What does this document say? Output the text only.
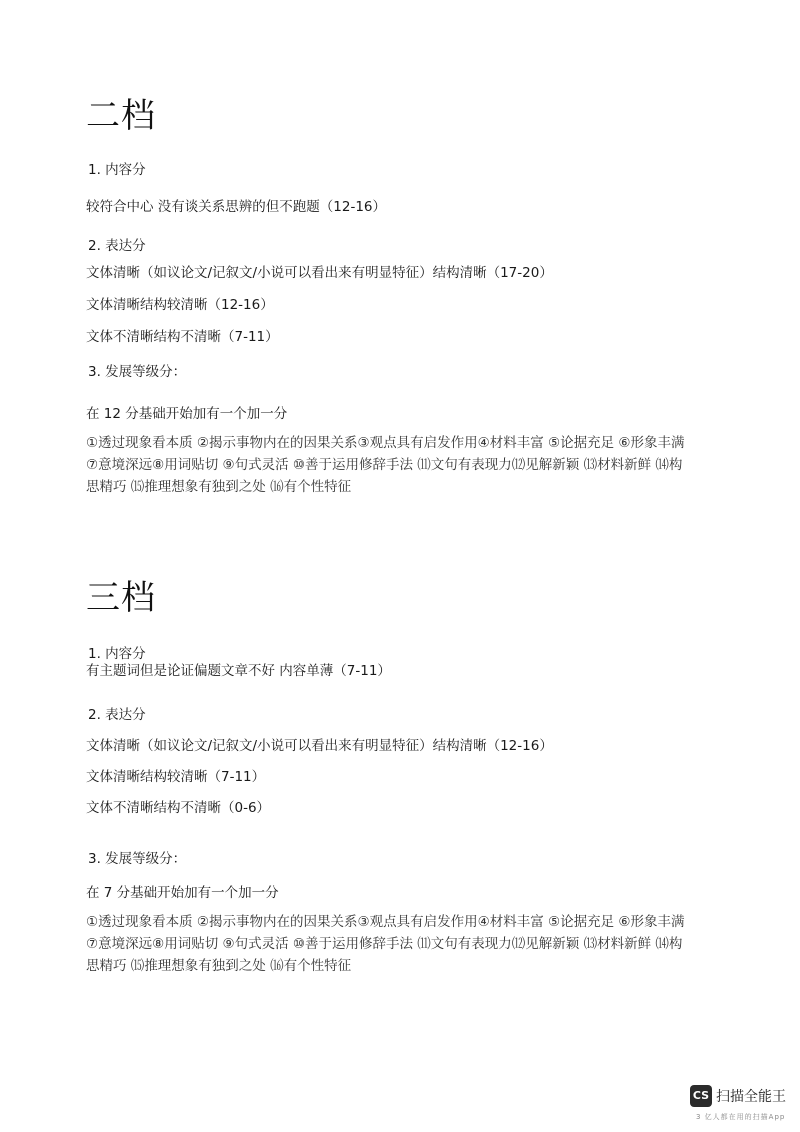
二档
1. 内容分
较符合中心 没有谈关系思辨的但不跑题（12-16）
2. 表达分
文体清晰（如议论文/记叙文/小说可以看出来有明显特征）结构清晰（17-20）
文体清晰结构较清晰（12-16）
文体不清晰结构不清晰（7-11）
3. 发展等级分：
在 12 分基础开始加有一个加一分
①透过现象看本质 ②揭示事物内在的因果关系③观点具有启发作用④材料丰富 ⑤论据充足 ⑥形象丰满
⑦意境深远⑧用词贴切 ⑨句式灵活 ⑩善于运用修辞手法 ⑾文句有表现力⑿见解新颖 ⒀材料新鲜 ⒁构
思精巧 ⒂推理想象有独到之处 ⒃有个性特征
三档
1. 内容分
有主题词但是论证偏题文章不好 内容单薄（7-11）
2. 表达分
文体清晰（如议论文/记叙文/小说可以看出来有明显特征）结构清晰（12-16）
文体清晰结构较清晰（7-11）
文体不清晰结构不清晰（0-6）
3. 发展等级分：
在 7 分基础开始加有一个加一分
①透过现象看本质 ②揭示事物内在的因果关系③观点具有启发作用④材料丰富 ⑤论据充足 ⑥形象丰满
⑦意境深远⑧用词贴切 ⑨句式灵活 ⑩善于运用修辞手法 ⑾文句有表现力⑿见解新颖 ⒀材料新鲜 ⒁构
思精巧 ⒂推理想象有独到之处 ⒃有个性特征
CS 扫描全能王
3 亿人都在用的扫描App
